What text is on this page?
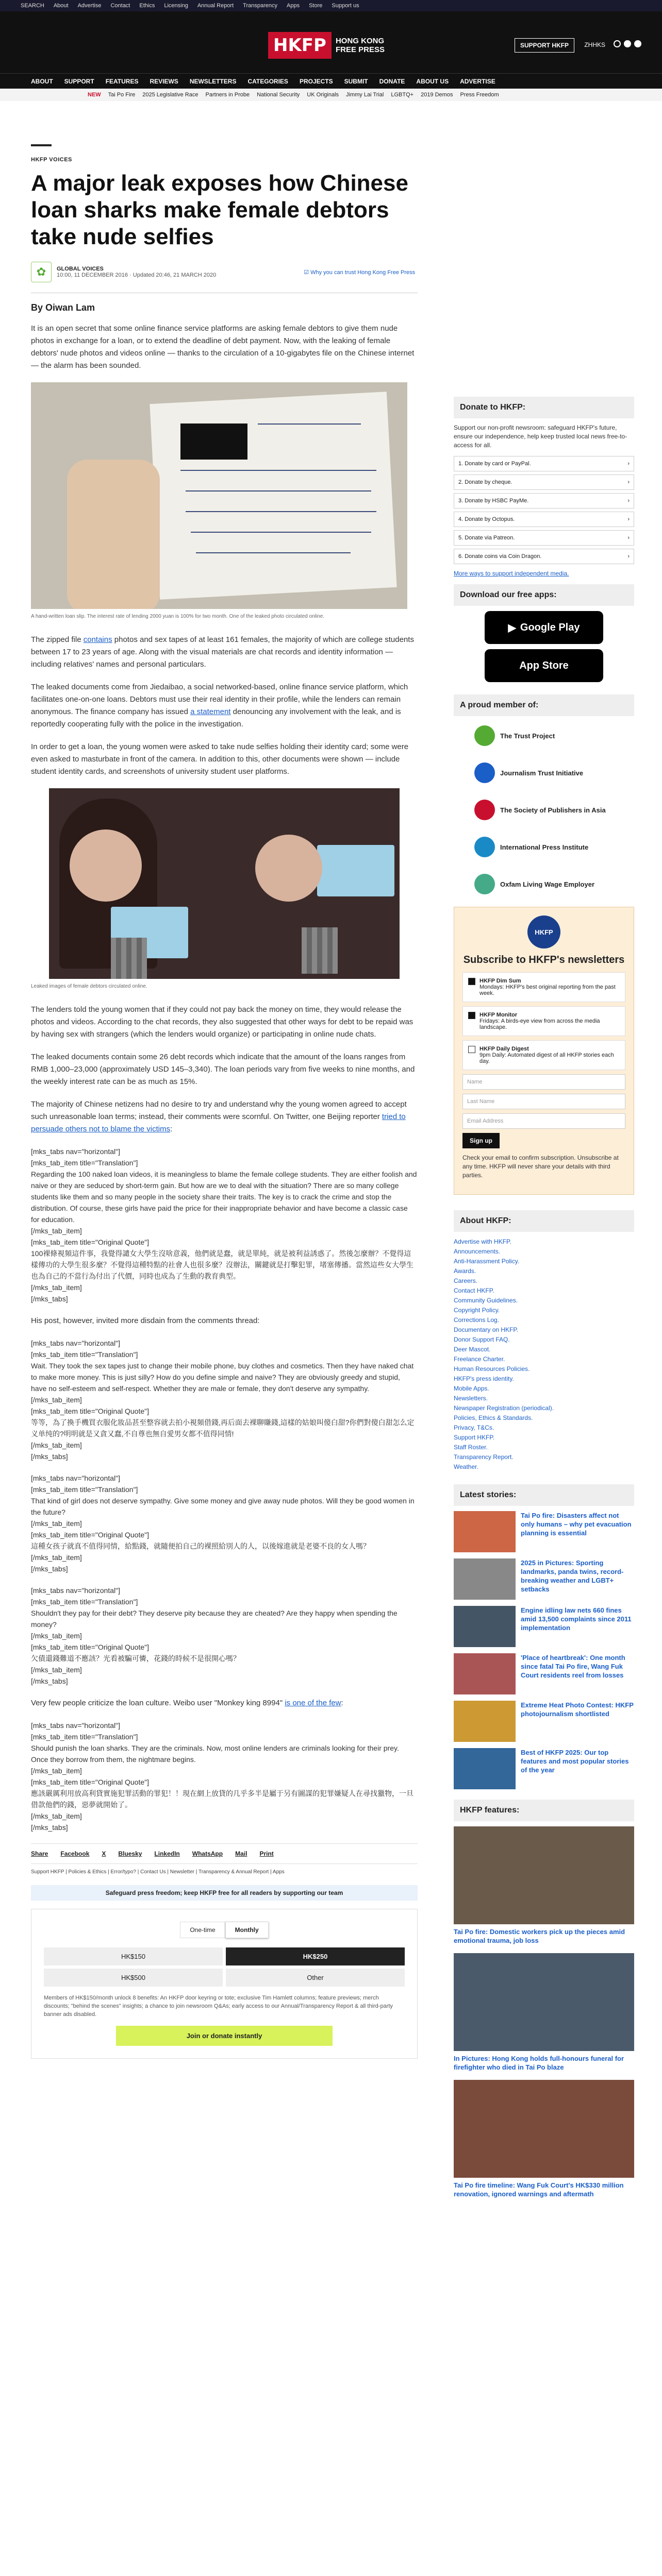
SEARCH About Advertise Contact Ethics Licensing Annual Report Transparency Apps Store Support us
HKFP	HONG KONG
FREE PRESS	SUPPORT HKFP	ZHHKS
ABOUT SUPPORT FEATURES REVIEWS NEWSLETTERS CATEGORIES PROJECTS SUBMIT DONATE ABOUT US ADVERTISE
NEW Tai Po Fire 2025 Legislative Race Partners in Probe National Security UK Originals Jimmy Lai Trial LGBTQ+ 2019 Demos Press Freedom
HKFP VOICES
A major leak exposes how Chinese loan sharks make female debtors take nude selfies
✿	GLOBAL VOICES
10:00, 11 DECEMBER 2016 · Updated 20:46, 21 MARCH 2020	☑ Why you can trust Hong Kong Free Press
By Oiwan Lam

It is an open secret that some online finance service platforms are asking female debtors to give them nude photos in exchange for a loan, or to extend the deadline of debt payment. Now, with the leaking of female debtors' nude photos and videos online — thanks to the circulation of a 10-gigabytes file on the Chinese internet — the alarm has been sounded.

A hand-written loan slip. The interest rate of lending 2000 yuan is 100% for two month. One of the leaked photo circulated online.

The zipped file contains photos and sex tapes of at least 161 females, the majority of which are college students between 17 to 23 years of age. Along with the visual materials are chat records and identity information — including relatives' names and personal particulars.

The leaked documents come from Jiedaibao, a social networked-based, online finance service platform, which facilitates one-on-one loans. Debtors must use their real identity in their profile, while the lenders can remain anonymous. The finance company has issued a statement denouncing any involvement with the leak, and is reportedly cooperating fully with the police in the investigation.

In order to get a loan, the young women were asked to take nude selfies holding their identity card; some were even asked to masturbate in front of the camera. In addition to this, other documents were shown — include student identity cards, and screenshots of university student user platforms.

Leaked images of female debtors circulated online.

The lenders told the young women that if they could not pay back the money on time, they would release the photos and videos. According to the chat records, they also suggested that other ways for debt to be repaid was by having sex with strangers (which the lenders would organize) or participating in online nude chats.

The leaked documents contain some 26 debt records which indicate that the amount of the loans ranges from RMB 1,000–23,000 (approximately USD 145–3,340). The loan periods vary from five weeks to nine months, and the weekly interest rate can be as much as 15%.

The majority of Chinese netizens had no desire to try and understand why the young women agreed to accept such unreasonable loan terms; instead, their comments were scornful. On Twitter, one Beijing reporter tried to persuade others not to blame the victims:

[mks_tabs nav="horizontal"]
[mks_tab_item title="Translation"]
Regarding the 100 naked loan videos, it is meaningless to blame the female college students. They are either foolish and naive or they are seduced by short-term gain. But how are we to deal with the situation? There are so many college students like them and so many people in the society share their traits. The key is to crack the crime and stop the distribution. Of course, these girls have paid the price for their inappropriate behavior and have become a classic case for education.
[/mks_tab_item]
[mks_tab_item title="Original Quote"]
100裸條視頻這件事，我覺得譴女大學生沒啥意義，他們就是蠢，就是單純，就是被利益誘惑了。然後怎麼辦？不覺得這樣傳功的大學生很多麼？不覺得這種特點的社會人也很多麼？沒辦法，關鍵就是打擊犯罪，堵塞傳播。當然這些女大學生也為自己的不當行為付出了代價，同時也成為了生動的教育典型。
[/mks_tab_item]
[/mks_tabs]

His post, however, invited more disdain from the comments thread:

[mks_tabs nav="horizontal"]
[mks_tab_item title="Translation"]
Wait. They took the sex tapes just to change their mobile phone, buy clothes and cosmetics. Then they have naked chat to make more money. This is just silly? How do you define simple and naive? They are obviously greedy and stupid, have no self-esteem and self-respect. Whether they are male or female, they don't deserve any sympathy.
[/mks_tab_item]
[mks_tab_item title="Original Quote"]
等等，為了換手機買衣服化妝品甚至整容就去拍小視頻借錢,再后面去裸聊賺錢,這樣的姑娘叫傻白甜?你們對傻白甜怎么定义单纯的?明明就是又貪又蠢,不自尊也無自愛男女都不值得同情!
[/mks_tab_item]
[/mks_tabs]
[mks_tabs nav="horizontal"]
[mks_tab_item title="Translation"]
That kind of girl does not deserve sympathy. Give some money and give away nude photos. Will they be good women in the future?
[/mks_tab_item]
[mks_tab_item title="Original Quote"]
這種女孩子就真不值得同情，給點錢，就隨便拍自己的裸照給別人的人，以後嫁進就是老婆不良的女人嗎？
[/mks_tab_item]
[/mks_tabs]
[mks_tabs nav="horizontal"]
[mks_tab_item title="Translation"]
Shouldn't they pay for their debt? They deserve pity because they are cheated? Are they happy when spending the money?
[/mks_tab_item]
[mks_tab_item title="Original Quote"]
欠債還錢難道不應該？光看被騙可憐，花錢的時候不是很開心嗎？
[/mks_tab_item]
[/mks_tabs]

Very few people criticize the loan culture. Weibo user "Monkey king 8994" is one of the few:

[mks_tabs nav="horizontal"]
[mks_tab_item title="Translation"]
Should punish the loan sharks. They are the criminals. Now, most online lenders are criminals looking for their prey. Once they borrow from them, the nightmare begins.
[/mks_tab_item]
[mks_tab_item title="Original Quote"]
應該嚴厲利用放高利貸實施犯罪活動的罪犯！！現在網上放貸的几乎多半是屬于另有圖謀的犯罪嫌疑人在尋找獵物，一旦借款他們的錢，惡夢就開始了。
[/mks_tab_item]
[/mks_tabs]
Share Facebook X Bluesky LinkedIn WhatsApp Mail Print
Support HKFP | Policies & Ethics | Error/typo? | Contact Us | Newsletter | Transparency & Annual Report | Apps
Safeguard press freedom; keep HKFP free for all readers by supporting our team
One-time	Monthly
HK$150	HK$250
HK$500	Other
Members of HK$150/month unlock 8 benefits: An HKFP door keyring or tote; exclusive Tim Hamlett columns; feature previews; merch discounts; "behind the scenes" insights; a chance to join newsroom Q&As; early access to our Annual/Transparency Report & all third-party banner ads disabled.
Join or donate instantly
Donate to HKFP:
Support our non-profit newsroom: safeguard HKFP's future, ensure our independence, help keep trusted local news free-to-access for all.
1. Donate by card or PayPal.	›
2. Donate by cheque.	›
3. Donate by HSBC PayMe.	›
4. Donate by Octopus.	›
5. Donate via Patreon.	›
6. Donate coins via Coin Dragon.	›
More ways to support independent media.
Download our free apps:
▶ Google Play
App Store
A proud member of:
The Trust Project
Journalism Trust Initiative
The Society of Publishers in Asia
International Press Institute
Oxfam Living Wage Employer
HKFP
Subscribe to HKFP's newsletters
HKFP Dim Sum
Mondays: HKFP's best original reporting from the past week.
HKFP Monitor
Fridays: A birds-eye view from across the media landscape.
HKFP Daily Digest
9pm Daily: Automated digest of all HKFP stories each day.
Name
Last Name
Email Address
Sign up
Check your email to confirm subscription. Unsubscribe at any time. HKFP will never share your details with third parties.
About HKFP:
Advertise with HKFP.
Announcements.
Anti-Harassment Policy.
Awards.
Careers.
Contact HKFP.
Community Guidelines.
Copyright Policy.
Corrections Log.
Documentary on HKFP.
Donor Support FAQ.
Deer Mascot.
Freelance Charter.
Human Resources Policies.
HKFP's press identity.
Mobile Apps.
Newsletters.
Newspaper Registration (periodical).
Policies, Ethics & Standards.
Privacy, T&Cs.
Support HKFP.
Staff Roster.
Transparency Report.
Weather.
Latest stories:
Tai Po fire: Disasters affect not only humans – why pet evacuation planning is essential
2025 in Pictures: Sporting landmarks, panda twins, record-breaking weather and LGBT+ setbacks
Engine idling law nets 660 fines amid 13,500 complaints since 2011 implementation
'Place of heartbreak': One month since fatal Tai Po fire, Wang Fuk Court residents reel from losses
Extreme Heat Photo Contest: HKFP photojournalism shortlisted
Best of HKFP 2025: Our top features and most popular stories of the year
HKFP features:
Tai Po fire: Domestic workers pick up the pieces amid emotional trauma, job loss
In Pictures: Hong Kong holds full-honours funeral for firefighter who died in Tai Po blaze
Tai Po fire timeline: Wang Fuk Court's HK$330 million renovation, ignored warnings and aftermath
